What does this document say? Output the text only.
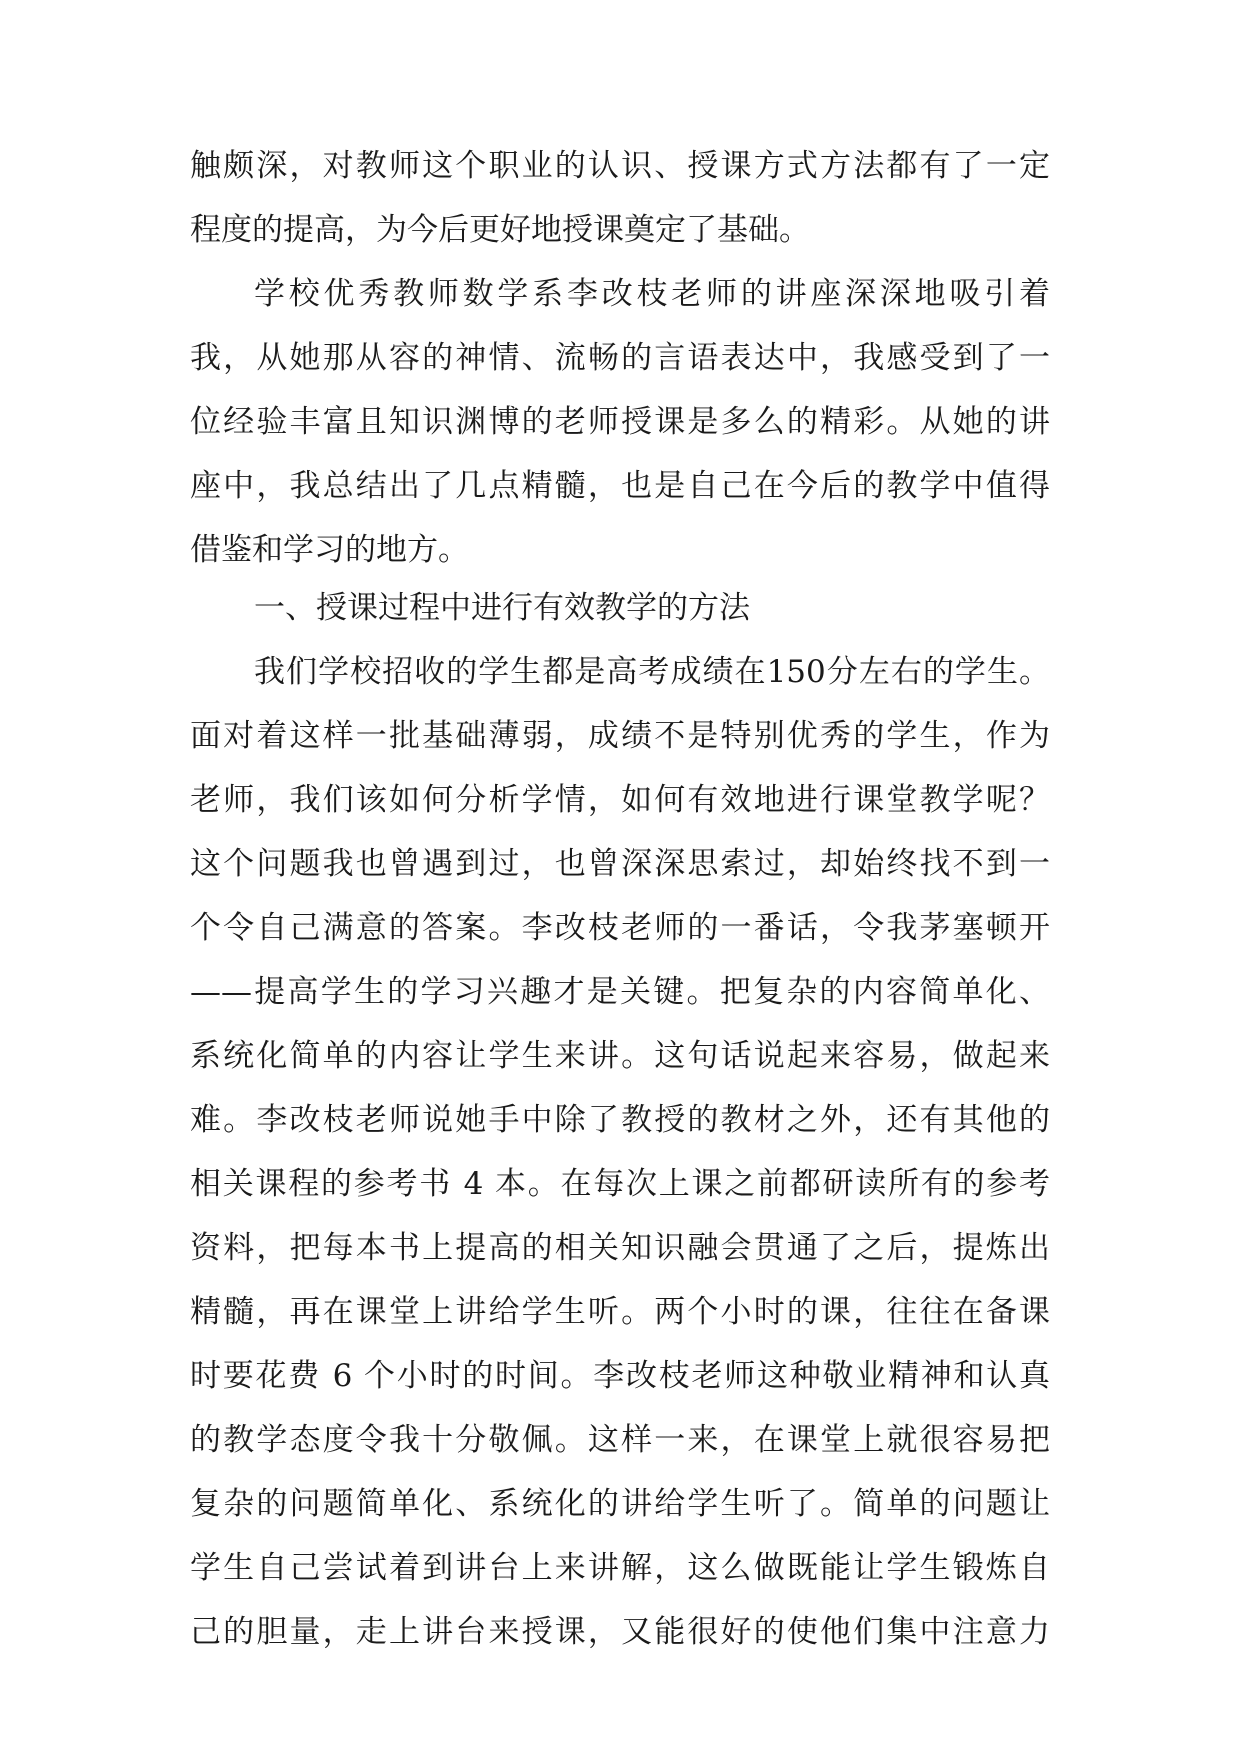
触颇深，对教师这个职业的认识、授课方式方法都有了一定
程度的提高，为今后更好地授课奠定了基础。
学校优秀教师数学系李改枝老师的讲座深深地吸引着
我，从她那从容的神情、流畅的言语表达中，我感受到了一
位经验丰富且知识渊博的老师授课是多么的精彩。从她的讲
座中，我总结出了几点精髓，也是自己在今后的教学中值得
借鉴和学习的地方。
一、授课过程中进行有效教学的方法
我们学校招收的学生都是高考成绩在150分左右的学生。
面对着这样一批基础薄弱，成绩不是特别优秀的学生，作为
老师，我们该如何分析学情，如何有效地进行课堂教学呢？
这个问题我也曾遇到过，也曾深深思索过，却始终找不到一
个令自己满意的答案。李改枝老师的一番话，令我茅塞顿开
——提高学生的学习兴趣才是关键。把复杂的内容简单化、
系统化简单的内容让学生来讲。这句话说起来容易，做起来
难。李改枝老师说她手中除了教授的教材之外，还有其他的
相关课程的参考书 4 本。在每次上课之前都研读所有的参考
资料，把每本书上提高的相关知识融会贯通了之后，提炼出
精髓，再在课堂上讲给学生听。两个小时的课，往往在备课
时要花费 6 个小时的时间。李改枝老师这种敬业精神和认真
的教学态度令我十分敬佩。这样一来，在课堂上就很容易把
复杂的问题简单化、系统化的讲给学生听了。简单的问题让
学生自己尝试着到讲台上来讲解，这么做既能让学生锻炼自
己的胆量，走上讲台来授课，又能很好的使他们集中注意力
